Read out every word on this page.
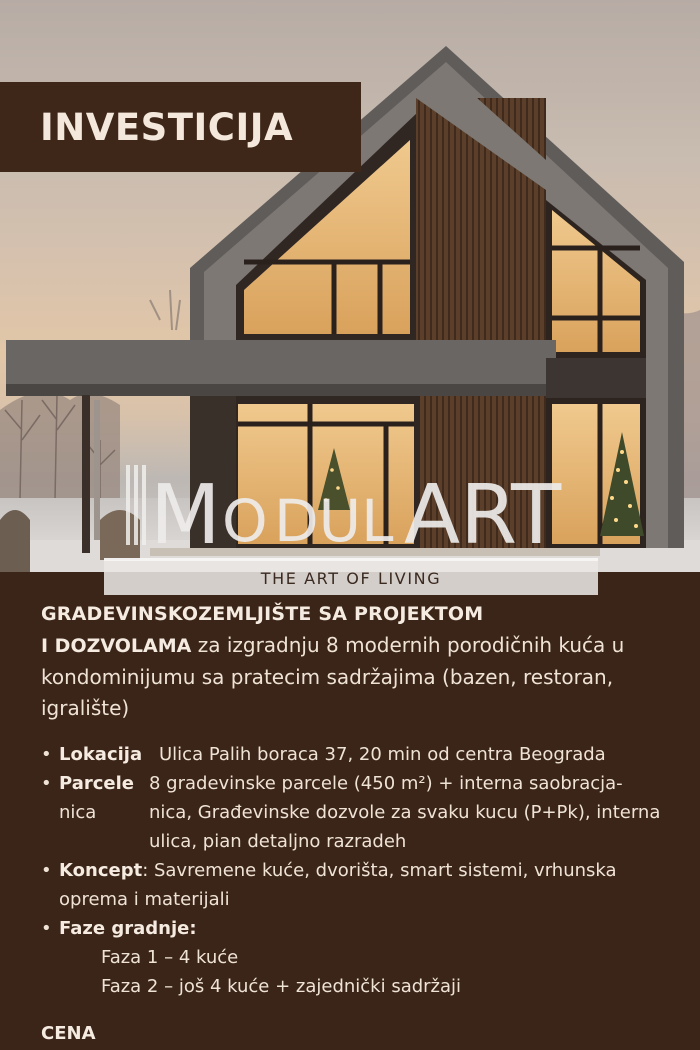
INVESTICIJA
M O DUL ART
THE ART OF LIVING

GRADEVINSKOZEMLJIŠTE SA PROJEKTOM
I DOZVOLAMA za izgradnju 8 modernih porodičnih kuća u kondominijumu sa pratecim sadržajima (bazen, restoran, igralište)

• Lokacija Ulica Palih boraca 37, 20 min od centra Beograda
• Parcele
nica
8 gradevinske parcele (450 m²) + interna saobracja-nica, Građevinske dozvole za svaku kucu (P+Pk), interna ulica, pian detaljno razradeh
• Koncept: Savremene kuće, dvorišta, smart sistemi, vrhunska oprema i materijali
• Faze gradnje:
Faza 1 – 4 kuće
Faza 2 – još 4 kuće + zajednički sadržaji
CENA
